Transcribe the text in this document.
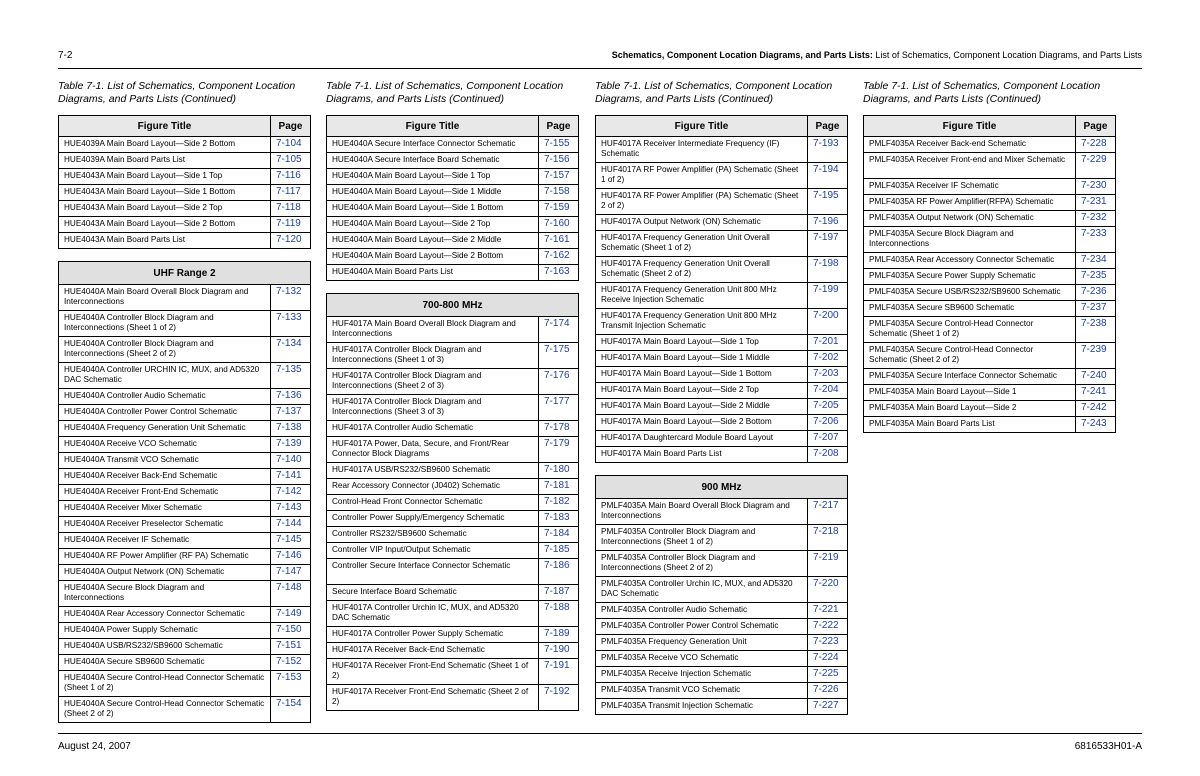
7-2	Schematics, Component Location Diagrams, and Parts Lists: List of Schematics, Component Location Diagrams, and Parts Lists
Table 7-1. List of Schematics, Component Location Diagrams, and Parts Lists (Continued)
Figure Title	Page
HUE4039A Main Board Layout—Side 2 Bottom	7-104
HUE4039A Main Board Parts List	7-105
HUE4043A Main Board Layout—Side 1 Top	7-116
HUE4043A Main Board Layout—Side 1 Bottom	7-117
HUE4043A Main Board Layout—Side 2 Top	7-118
HUE4043A Main Board Layout—Side 2 Bottom	7-119
HUE4043A Main Board Parts List	7-120
UHF Range 2	
HUE4040A Main Board Overall Block Diagram and Interconnections	7-132
HUE4040A Controller Block Diagram and Interconnections (Sheet 1 of 2)	7-133
HUE4040A Controller Block Diagram and Interconnections (Sheet 2 of 2)	7-134
HUE4040A Controller URCHIN IC, MUX, and AD5320 DAC Schematic	7-135
HUE4040A Controller Audio Schematic	7-136
HUE4040A Controller Power Control Schematic	7-137
HUE4040A Frequency Generation Unit Schematic	7-138
HUE4040A Receive VCO Schematic	7-139
HUE4040A Transmit VCO Schematic	7-140
HUE4040A Receiver Back-End Schematic	7-141
HUE4040A Receiver Front-End Schematic	7-142
HUE4040A Receiver Mixer Schematic	7-143
HUE4040A Receiver Preselector Schematic	7-144
HUE4040A Receiver IF Schematic	7-145
HUE4040A RF Power Amplifier (RF PA) Schematic	7-146
HUE4040A Output Network (ON) Schematic	7-147
HUE4040A Secure Block Diagram and Interconnections	7-148
HUE4040A Rear Accessory Connector Schematic	7-149
HUE4040A Power Supply Schematic	7-150
HUE4040A USB/RS232/SB9600 Schematic	7-151
HUE4040A Secure SB9600 Schematic	7-152
HUE4040A Secure Control-Head Connector Schematic (Sheet 1 of 2)	7-153
HUE4040A Secure Control-Head Connector Schematic (Sheet 2 of 2)	7-154
Table 7-1. List of Schematics, Component Location Diagrams, and Parts Lists (Continued)
Figure Title	Page
HUE4040A Secure Interface Connector Schematic	7-155
HUE4040A Secure Interface Board Schematic	7-156
HUE4040A Main Board Layout—Side 1 Top	7-157
HUE4040A Main Board Layout—Side 1 Middle	7-158
HUE4040A Main Board Layout—Side 1 Bottom	7-159
HUE4040A Main Board Layout—Side 2 Top	7-160
HUE4040A Main Board Layout—Side 2 Middle	7-161
HUE4040A Main Board Layout—Side 2 Bottom	7-162
HUE4040A Main Board Parts List	7-163
700-800 MHz	
HUF4017A Main Board Overall Block Diagram and Interconnections	7-174
HUF4017A Controller Block Diagram and Interconnections (Sheet 1 of 3)	7-175
HUF4017A Controller Block Diagram and Interconnections (Sheet 2 of 3)	7-176
HUF4017A Controller Block Diagram and Interconnections (Sheet 3 of 3)	7-177
HUF4017A Controller Audio Schematic	7-178
HUF4017A Power, Data, Secure, and Front/Rear Connector Block Diagrams	7-179
HUF4017A USB/RS232/SB9600 Schematic	7-180
Rear Accessory Connector (J0402) Schematic	7-181
Control-Head Front Connector Schematic	7-182
Controller Power Supply/Emergency Schematic	7-183
Controller RS232/SB9600 Schematic	7-184
Controller VIP Input/Output Schematic	7-185
Controller Secure Interface Connector Schematic	7-186
Secure Interface Board Schematic	7-187
HUF4017A Controller Urchin IC, MUX, and AD5320 DAC Schematic	7-188
HUF4017A Controller Power Supply Schematic	7-189
HUF4017A Receiver Back-End Schematic	7-190
HUF4017A Receiver Front-End Schematic (Sheet 1 of 2)	7-191
HUF4017A Receiver Front-End Schematic (Sheet 2 of 2)	7-192
Table 7-1. List of Schematics, Component Location Diagrams, and Parts Lists (Continued)
Figure Title	Page
HUF4017A Receiver Intermediate Frequency (IF) Schematic	7-193
HUF4017A RF Power Amplifier (PA) Schematic (Sheet 1 of 2)	7-194
HUF4017A RF Power Amplifier (PA) Schematic (Sheet 2 of 2)	7-195
HUF4017A Output Network (ON) Schematic	7-196
HUF4017A Frequency Generation Unit Overall Schematic (Sheet 1 of 2)	7-197
HUF4017A Frequency Generation Unit Overall Schematic (Sheet 2 of 2)	7-198
HUF4017A Frequency Generation Unit 800 MHz Receive Injection Schematic	7-199
HUF4017A Frequency Generation Unit 800 MHz Transmit Injection Schematic	7-200
HUF4017A Main Board Layout—Side 1 Top	7-201
HUF4017A Main Board Layout—Side 1 Middle	7-202
HUF4017A Main Board Layout—Side 1 Bottom	7-203
HUF4017A Main Board Layout—Side 2 Top	7-204
HUF4017A Main Board Layout—Side 2 Middle	7-205
HUF4017A Main Board Layout—Side 2 Bottom	7-206
HUF4017A Daughtercard Module Board Layout	7-207
HUF4017A Main Board Parts List	7-208
900 MHz	
PMLF4035A Main Board Overall Block Diagram and Interconnections	7-217
PMLF4035A Controller Block Diagram and Interconnections (Sheet 1 of 2)	7-218
PMLF4035A Controller Block Diagram and Interconnections (Sheet 2 of 2)	7-219
PMLF4035A Controller Urchin IC, MUX, and AD5320 DAC Schematic	7-220
PMLF4035A Controller Audio Schematic	7-221
PMLF4035A Controller Power Control Schematic	7-222
PMLF4035A Frequency Generation Unit	7-223
PMLF4035A Receive VCO Schematic	7-224
PMLF4035A Receive Injection Schematic	7-225
PMLF4035A Transmit VCO Schematic	7-226
PMLF4035A Transmit Injection Schematic	7-227
Table 7-1. List of Schematics, Component Location Diagrams, and Parts Lists (Continued)
Figure Title	Page
PMLF4035A Receiver Back-end Schematic	7-228
PMLF4035A Receiver Front-end and Mixer Schematic	7-229
PMLF4035A Receiver IF Schematic	7-230
PMLF4035A RF Power Amplifier(RFPA) Schematic	7-231
PMLF4035A Output Network (ON) Schematic	7-232
PMLF4035A Secure Block Diagram and Interconnections	7-233
PMLF4035A Rear Accessory Connector Schematic	7-234
PMLF4035A Secure Power Supply Schematic	7-235
PMLF4035A Secure USB/RS232/SB9600 Schematic	7-236
PMLF4035A Secure SB9600 Schematic	7-237
PMLF4035A Secure Control-Head Connector Schematic (Sheet 1 of 2)	7-238
PMLF4035A Secure Control-Head Connector Schematic (Sheet 2 of 2)	7-239
PMLF4035A Secure Interface Connector Schematic	7-240
PMLF4035A Main Board Layout—Side 1	7-241
PMLF4035A Main Board Layout—Side 2	7-242
PMLF4035A Main Board Parts List	7-243
August 24, 2007	6816533H01-A
